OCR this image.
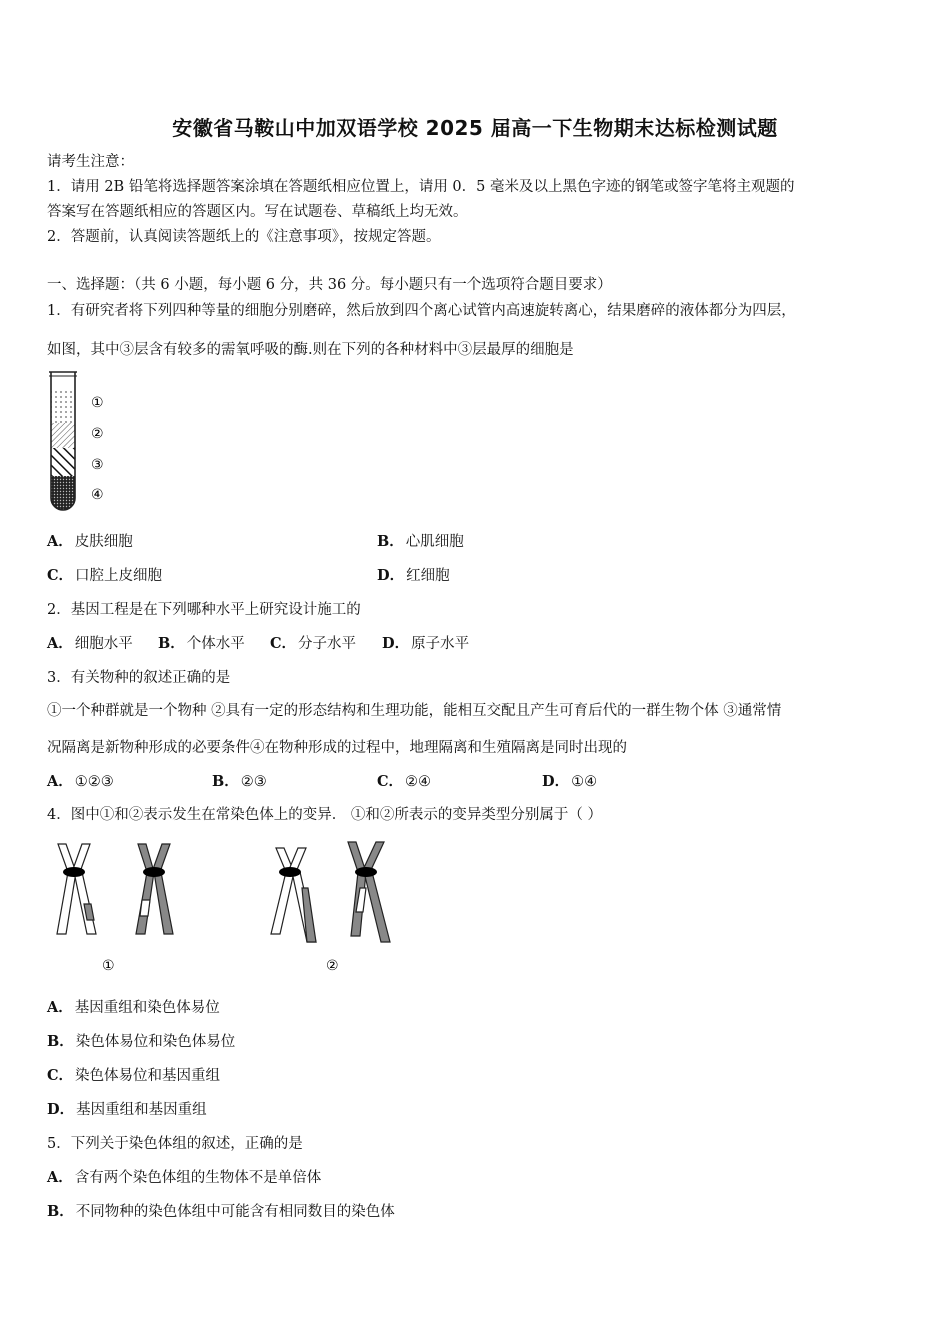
安徽省马鞍山中加双语学校 2025 届高一下生物期末达标检测试题
请考生注意：
1．请用 2B 铅笔将选择题答案涂填在答题纸相应位置上，请用 0．5 毫米及以上黑色字迹的钢笔或签字笔将主观题的
答案写在答题纸相应的答题区内。写在试题卷、草稿纸上均无效。
2．答题前，认真阅读答题纸上的《注意事项》，按规定答题。
一、选择题：（共 6 小题，每小题 6 分，共 36 分。每小题只有一个选项符合题目要求）
1．有研究者将下列四种等量的细胞分别磨碎，然后放到四个离心试管内高速旋转离心，结果磨碎的液体都分为四层，
如图，其中③层含有较多的需氧呼吸的酶.则在下列的各种材料中③层最厚的细胞是
①
②
③
④
A． 皮肤细胞	B． 心肌细胞
C． 口腔上皮细胞	D． 红细胞
2．基因工程是在下列哪种水平上研究设计施工的
A． 细胞水平 B． 个体水平 C． 分子水平 D． 原子水平
3．有关物种的叙述正确的是
①一个种群就是一个物种 ②具有一定的形态结构和生理功能，能相互交配且产生可育后代的一群生物个体 ③通常情
况隔离是新物种形成的必要条件④在物种形成的过程中，地理隔离和生殖隔离是同时出现的
A． ①②③	B． ②③	C． ②④	D． ①④
4．图中①和②表示发生在常染色体上的变异． ①和②所表示的变异类型分别属于（ ）
①	②
A． 基因重组和染色体易位
B． 染色体易位和染色体易位
C． 染色体易位和基因重组
D． 基因重组和基因重组
5．下列关于染色体组的叙述，正确的是
A． 含有两个染色体组的生物体不是单倍体
B． 不同物种的染色体组中可能含有相同数目的染色体
